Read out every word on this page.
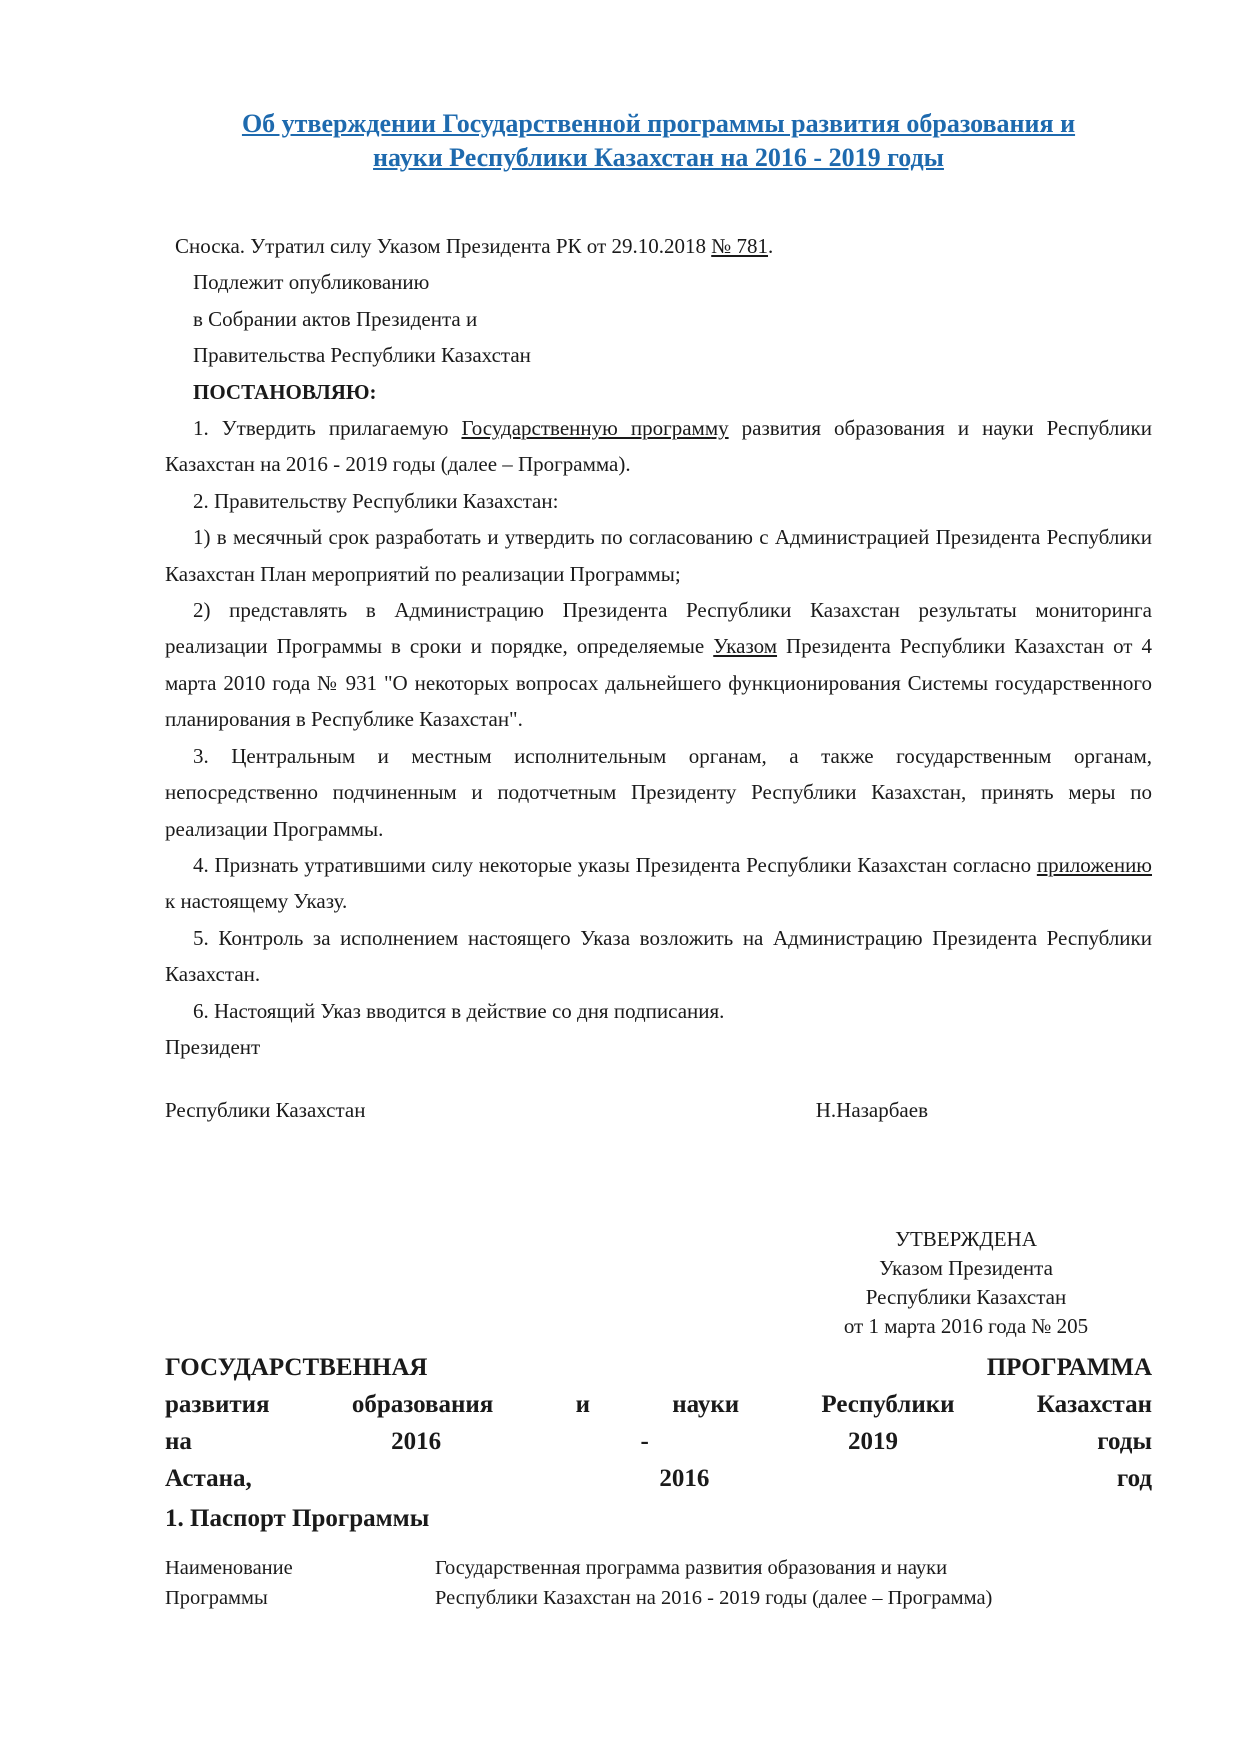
Об утверждении Государственной программы развития образования и
науки Республики Казахстан на 2016 - 2019 годы

Сноска. Утратил силу Указом Президента РК от 29.10.2018 № 781.

Подлежит опубликованию

в Собрании актов Президента и

Правительства Республики Казахстан

ПОСТАНОВЛЯЮ:

1. Утвердить прилагаемую Государственную программу развития образования и науки Республики Казахстан на 2016 - 2019 годы (далее – Программа).

2. Правительству Республики Казахстан:

1) в месячный срок разработать и утвердить по согласованию с Администрацией Президента Республики Казахстан План мероприятий по реализации Программы;

2) представлять в Администрацию Президента Республики Казахстан результаты мониторинга реализации Программы в сроки и порядке, определяемые Указом Президента Республики Казахстан от 4 марта 2010 года № 931 "О некоторых вопросах дальнейшего функционирования Системы государственного планирования в Республике Казахстан".

3. Центральным и местным исполнительным органам, а также государственным органам, непосредственно подчиненным и подотчетным Президенту Республики Казахстан, принять меры по реализации Программы.

4. Признать утратившими силу некоторые указы Президента Республики Казахстан согласно приложению к настоящему Указу.

5. Контроль за исполнением настоящего Указа возложить на Администрацию Президента Республики Казахстан.

6. Настоящий Указ вводится в действие со дня подписания.

Президент

Республики Казахстан	Н.Назарбаев
УТВЕРЖДЕНА
Указом Президента
Республики Казахстан
от 1 марта 2016 года № 205
ГОСУДАРСТВЕННАЯ	ПРОГРАММА
развития	образования	и	науки	Республики	Казахстан
на	2016	-	2019	годы
Астана,	2016	год
1. Паспорт Программы
Наименование Программы
Государственная программа развития образования и науки
Республики Казахстан на 2016 - 2019 годы (далее – Программа)
